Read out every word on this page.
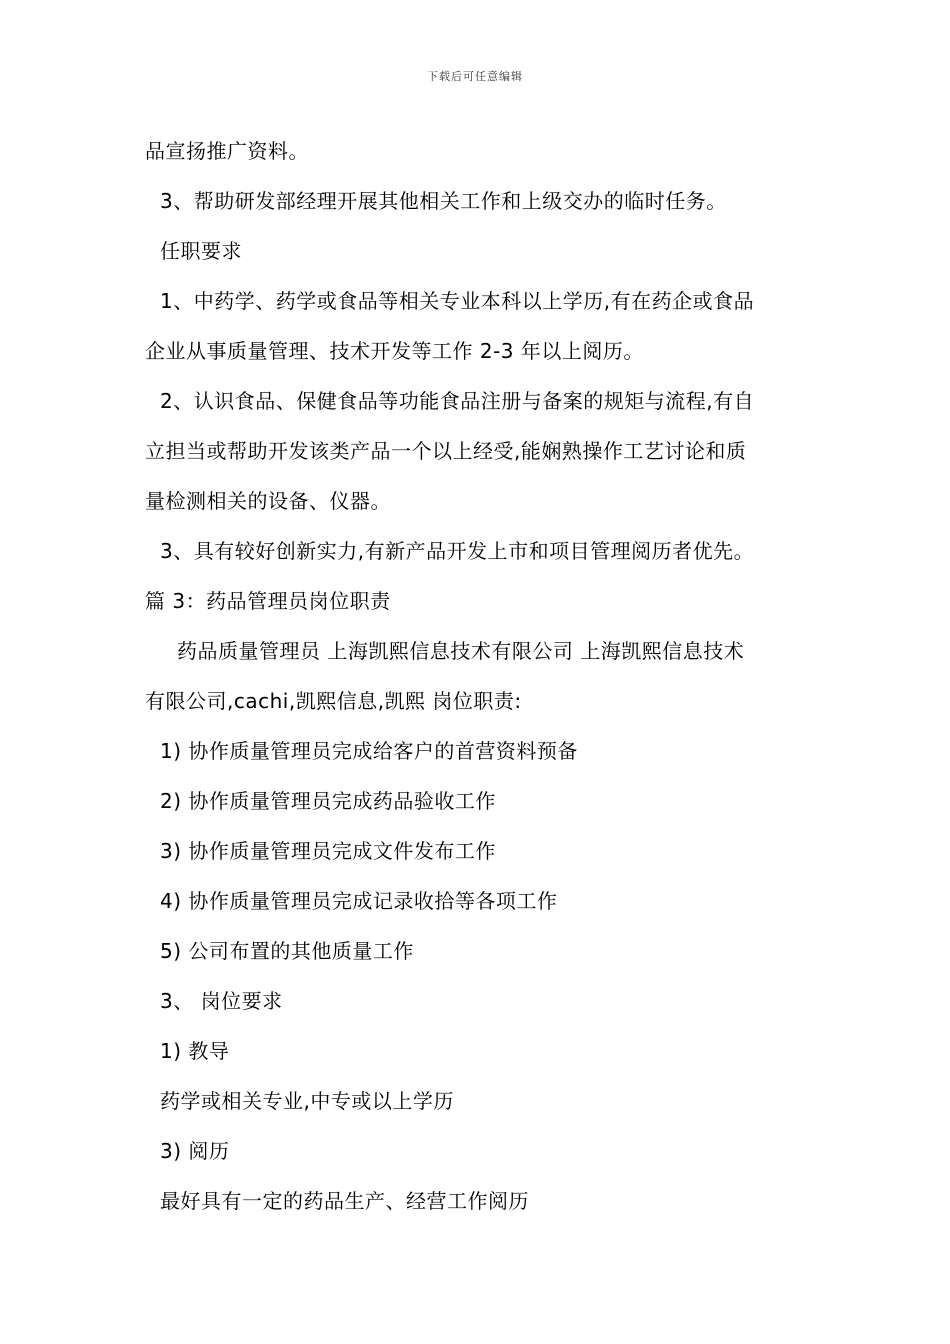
下载后可任意编辑
品宣扬推广资料。
3、帮助研发部经理开展其他相关工作和上级交办的临时任务。
任职要求
1、中药学、药学或食品等相关专业本科以上学历,有在药企或食品
企业从事质量管理、技术开发等工作 2-3 年以上阅历。
2、认识食品、保健食品等功能食品注册与备案的规矩与流程,有自
立担当或帮助开发该类产品一个以上经受,能娴熟操作工艺讨论和质
量检测相关的设备、仪器。
3、具有较好创新实力,有新产品开发上市和项目管理阅历者优先。
篇 3：药品管理员岗位职责
药品质量管理员 上海凯熙信息技术有限公司 上海凯熙信息技术
有限公司,cachi,凯熙信息,凯熙 岗位职责:
1) 协作质量管理员完成给客户的首营资料预备
2) 协作质量管理员完成药品验收工作
3) 协作质量管理员完成文件发布工作
4) 协作质量管理员完成记录收拾等各项工作
5) 公司布置的其他质量工作
3、 岗位要求
1) 教导
药学或相关专业,中专或以上学历
3) 阅历
最好具有一定的药品生产、经营工作阅历
